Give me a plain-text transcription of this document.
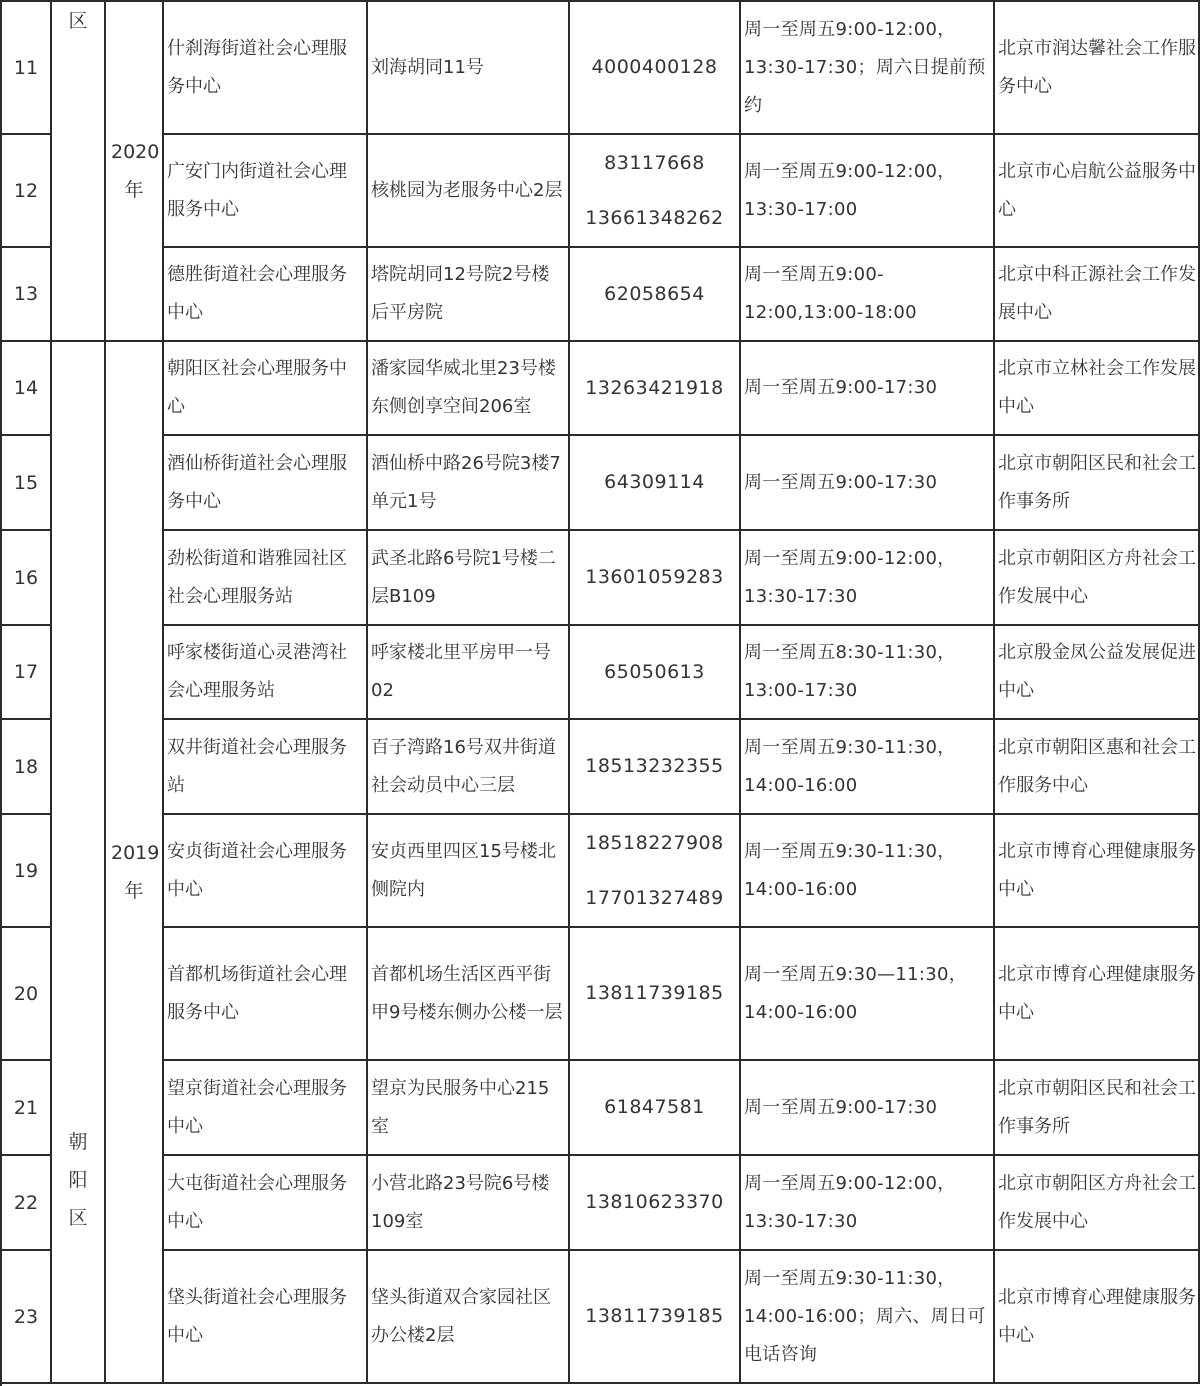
区
朝阳区
2020年
2019年
11
什刹海街道社会心理服务中心
刘海胡同11号	4000400128
周一至周五9:00-12:00，13:30-17:30；周六日提前预约
北京市润达馨社会工作服务中心
12
广安门内街道社会心理服务中心
核桃园为老服务中心2层
83117668
13661348262
周一至周五9:00-12:00，13:30-17:00
北京市心启航公益服务中心
13
德胜街道社会心理服务中心
塔院胡同12号院2号楼后平房院
62058654
周一至周五9:00-12:00,13:00-18:00
北京中科正源社会工作发展中心
14
朝阳区社会心理服务中心
潘家园华威北里23号楼东侧创享空间206室
13263421918 周一至周五9:00-17:30
北京市立林社会工作发展中心
15
酒仙桥街道社会心理服务中心
酒仙桥中路26号院3楼7单元1号
64309114 周一至周五9:00-17:30
北京市朝阳区民和社会工作事务所
16
劲松街道和谐雅园社区社会心理服务站
武圣北路6号院1号楼二层B109
13601059283
周一至周五9:00-12:00，13:30-17:30
北京市朝阳区方舟社会工作发展中心
17
呼家楼街道心灵港湾社会心理服务站
呼家楼北里平房甲一号02
65050613
周一至周五8:30-11:30，13:00-17:30
北京殷金凤公益发展促进中心
18
双井街道社会心理服务站
百子湾路16号双井街道社会动员中心三层
18513232355
周一至周五9:30-11:30，14:00-16:00
北京市朝阳区惠和社会工作服务中心
19
安贞街道社会心理服务中心
安贞西里四区15号楼北侧院内
18518227908
17701327489
周一至周五9:30-11:30，14:00-16:00
北京市博育心理健康服务中心
20
首都机场街道社会心理服务中心
首都机场生活区西平街甲9号楼东侧办公楼一层
13811739185
周一至周五9:30—11:30，14:00-16:00
北京市博育心理健康服务中心
21
望京街道社会心理服务中心
望京为民服务中心215室
61847581 周一至周五9:00-17:30
北京市朝阳区民和社会工作事务所
22
大屯街道社会心理服务中心
小营北路23号院6号楼109室
13810623370
周一至周五9:00-12:00，13:30-17:30
北京市朝阳区方舟社会工作发展中心
23
垡头街道社会心理服务中心
垡头街道双合家园社区办公楼2层
13811739185
周一至周五9:30-11:30，14:00-16:00；周六、周日可电话咨询
北京市博育心理健康服务中心
